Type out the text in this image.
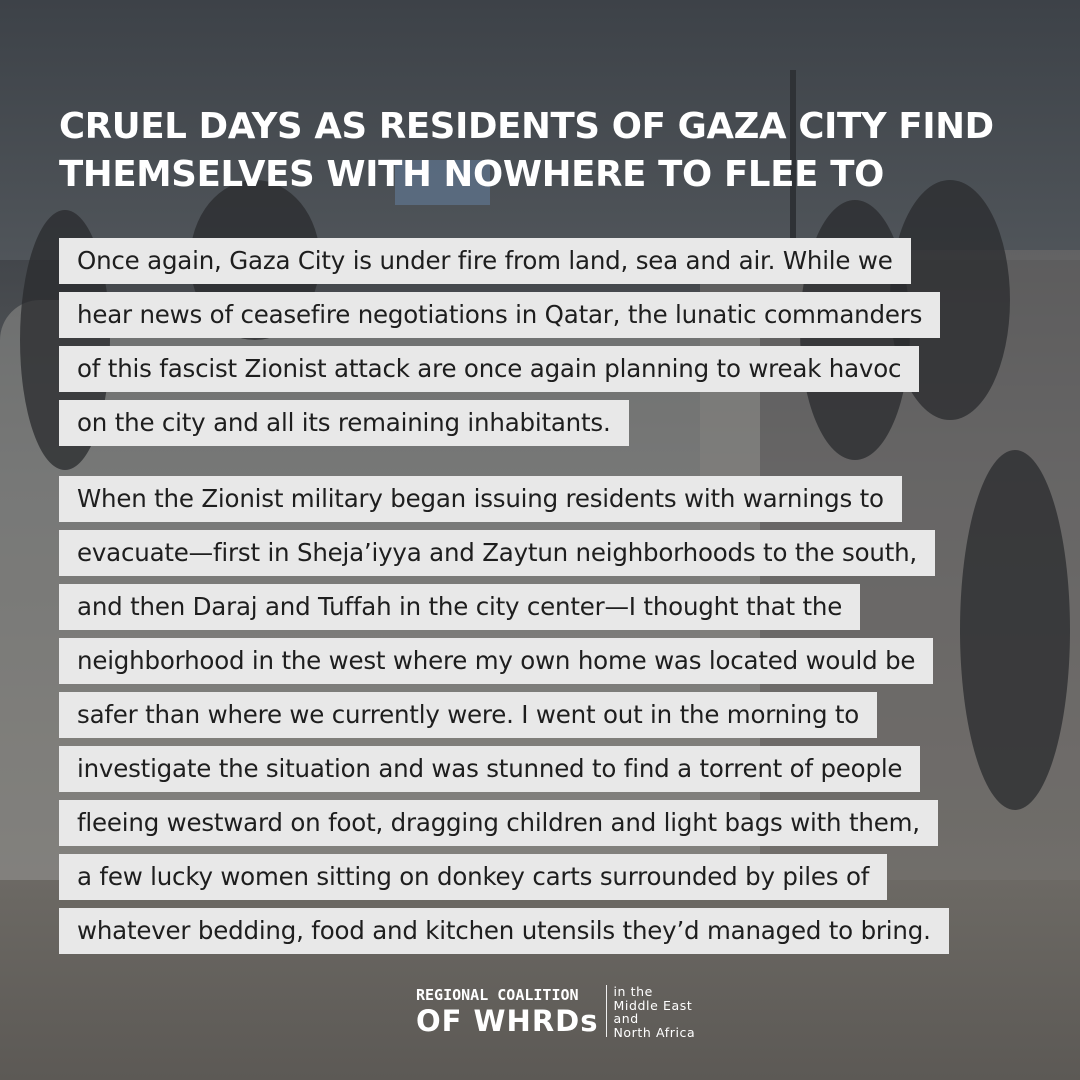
CRUEL DAYS AS RESIDENTS OF GAZA CITY FIND
THEMSELVES WITH NOWHERE TO FLEE TO
Once again, Gaza City is under fire from land, sea and air. While we
hear news of ceasefire negotiations in Qatar, the lunatic commanders
of this fascist Zionist attack are once again planning to wreak havoc
on the city and all its remaining inhabitants.
When the Zionist military began issuing residents with warnings to
evacuate—first in Sheja’iyya and Zaytun neighborhoods to the south,
and then Daraj and Tuffah in the city center—I thought that the
neighborhood in the west where my own home was located would be
safer than where we currently were. I went out in the morning to
investigate the situation and was stunned to find a torrent of people
fleeing westward on foot, dragging children and light bags with them,
a few lucky women sitting on donkey carts surrounded by piles of
whatever bedding, food and kitchen utensils they’d managed to bring.
REGIONAL COALITION
OF WHRDs
in the
Middle East
and
North Africa
